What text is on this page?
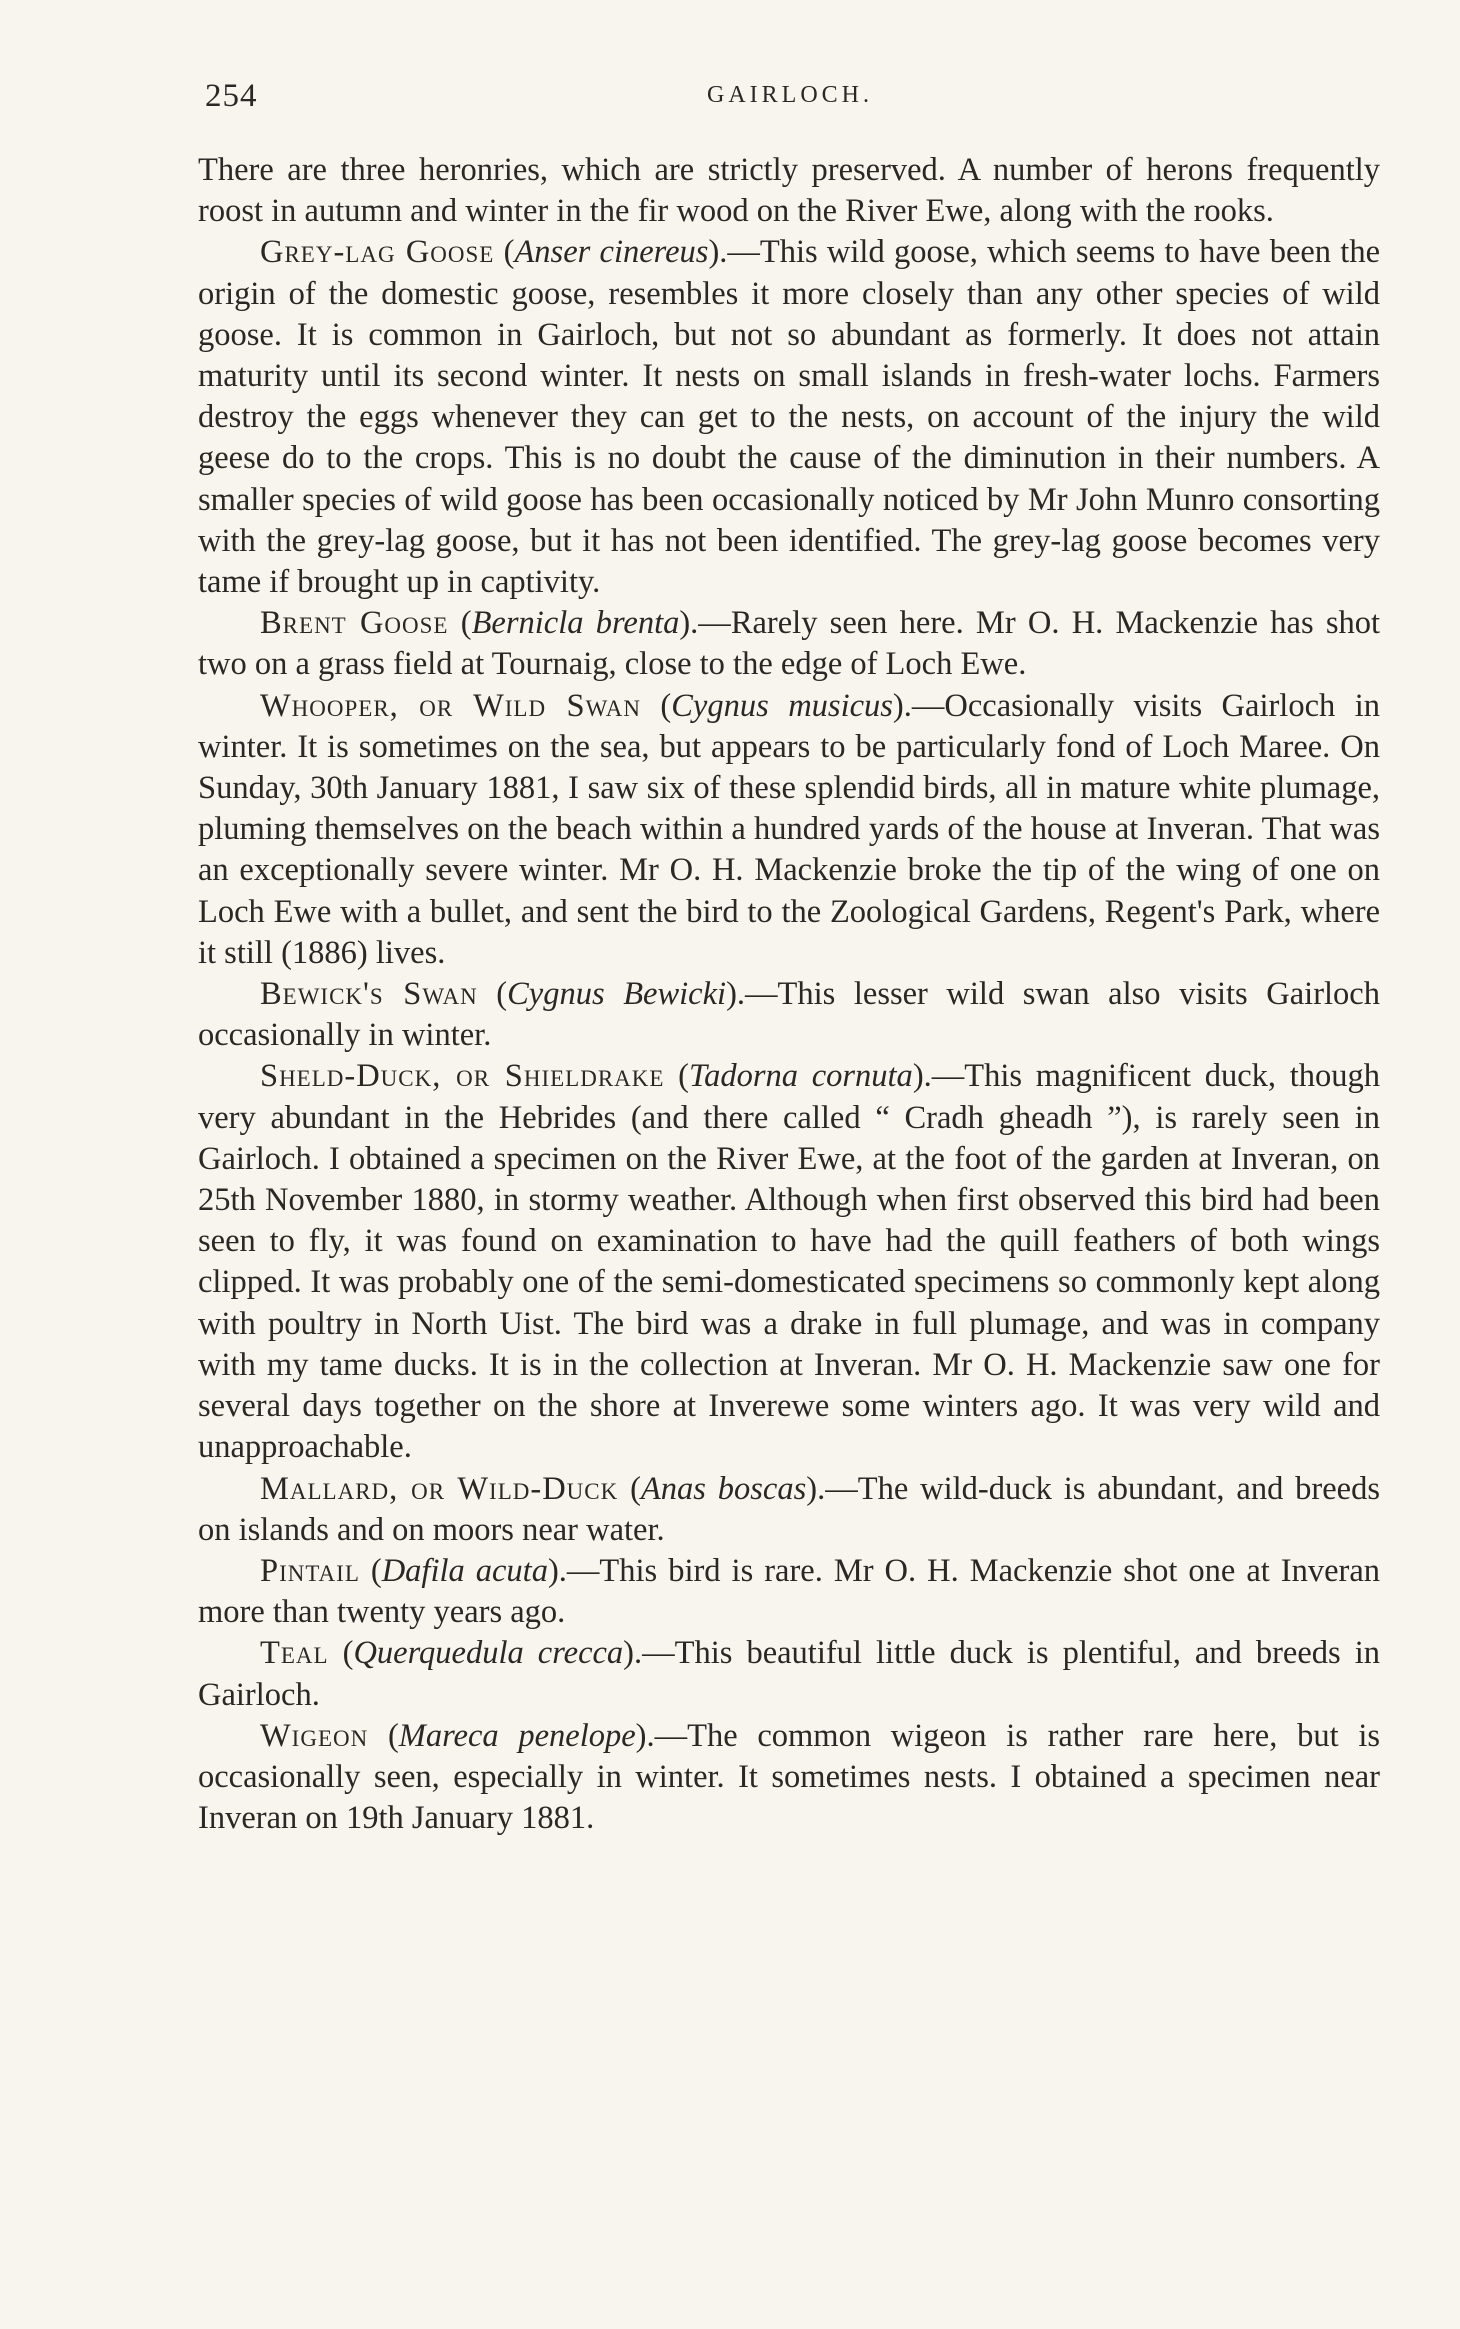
254	GAIRLOCH.

There are three heronries, which are strictly preserved. A number of herons frequently roost in autumn and winter in the fir wood on the River Ewe, along with the rooks.

Grey-lag Goose (Anser cinereus).—This wild goose, which seems to have been the origin of the domestic goose, resembles it more closely than any other species of wild goose. It is common in Gairloch, but not so abundant as formerly. It does not attain maturity until its second winter. It nests on small islands in fresh-water lochs. Farmers destroy the eggs whenever they can get to the nests, on account of the injury the wild geese do to the crops. This is no doubt the cause of the diminution in their numbers. A smaller species of wild goose has been occasionally noticed by Mr John Munro consorting with the grey-lag goose, but it has not been identified. The grey-lag goose becomes very tame if brought up in captivity.

Brent Goose (Bernicla brenta).—Rarely seen here. Mr O. H. Mackenzie has shot two on a grass field at Tournaig, close to the edge of Loch Ewe.

Whooper, or Wild Swan (Cygnus musicus).—Occasionally visits Gairloch in winter. It is sometimes on the sea, but appears to be particularly fond of Loch Maree. On Sunday, 30th January 1881, I saw six of these splendid birds, all in mature white plumage, pluming themselves on the beach within a hundred yards of the house at Inveran. That was an exceptionally severe winter. Mr O. H. Mackenzie broke the tip of the wing of one on Loch Ewe with a bullet, and sent the bird to the Zoological Gardens, Regent's Park, where it still (1886) lives.

Bewick's Swan (Cygnus Bewicki).—This lesser wild swan also visits Gairloch occasionally in winter.

Sheld-Duck, or Shieldrake (Tadorna cornuta).—This magnificent duck, though very abundant in the Hebrides (and there called “ Cradh gheadh ”), is rarely seen in Gairloch. I obtained a specimen on the River Ewe, at the foot of the garden at Inveran, on 25th November 1880, in stormy weather. Although when first observed this bird had been seen to fly, it was found on examination to have had the quill feathers of both wings clipped. It was probably one of the semi-domesticated specimens so commonly kept along with poultry in North Uist. The bird was a drake in full plumage, and was in company with my tame ducks. It is in the collection at Inveran. Mr O. H. Mackenzie saw one for several days together on the shore at Inverewe some winters ago. It was very wild and unapproachable.

Mallard, or Wild-Duck (Anas boscas).—The wild-duck is abundant, and breeds on islands and on moors near water.

Pintail (Dafila acuta).—This bird is rare. Mr O. H. Mackenzie shot one at Inveran more than twenty years ago.

Teal (Querquedula crecca).—This beautiful little duck is plentiful, and breeds in Gairloch.

Wigeon (Mareca penelope).—The common wigeon is rather rare here, but is occasionally seen, especially in winter. It sometimes nests. I obtained a specimen near Inveran on 19th January 1881.
